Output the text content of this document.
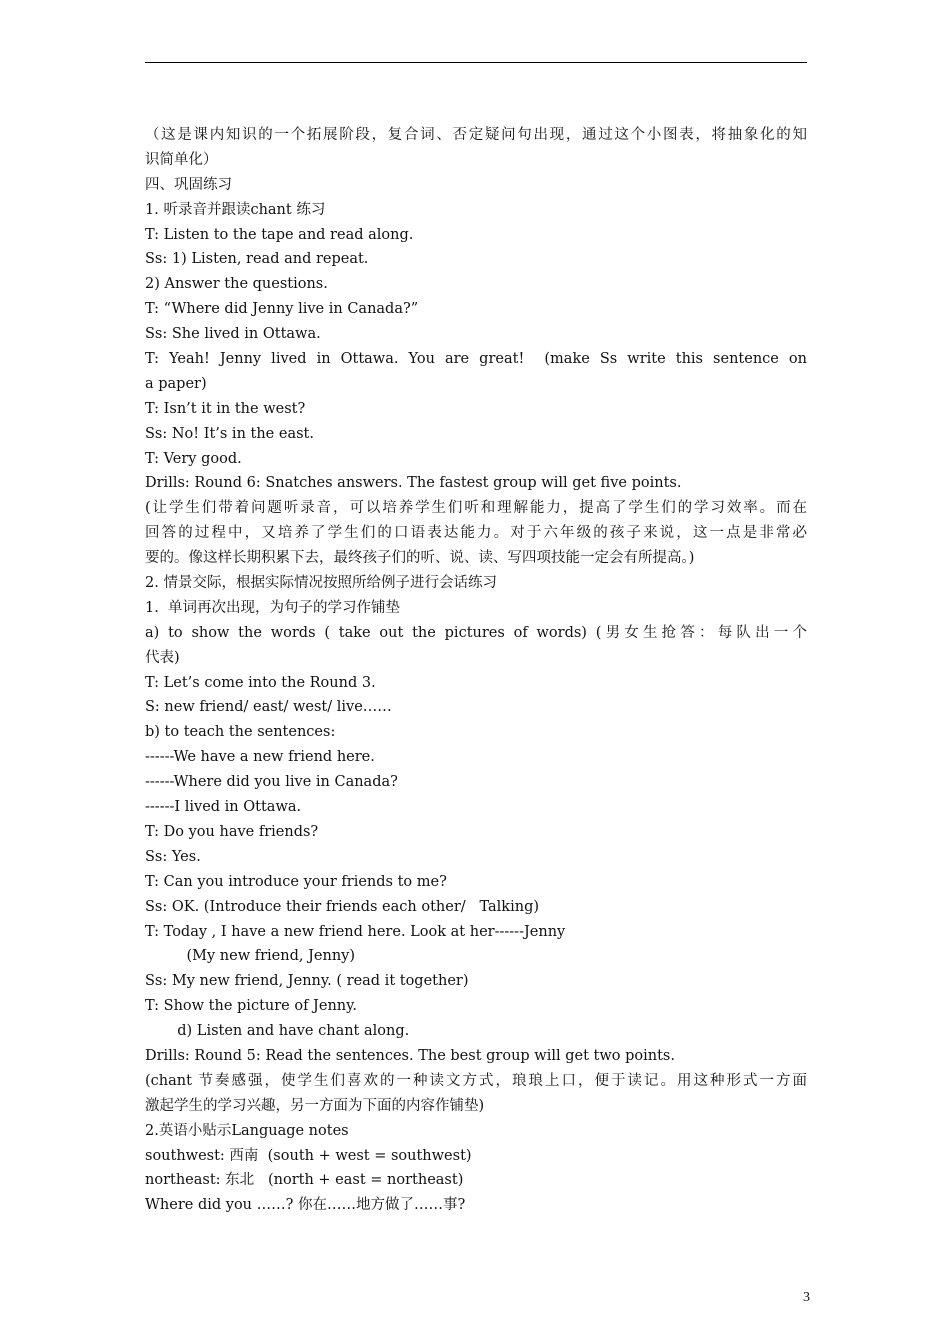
（这是课内知识的一个拓展阶段，复合词、否定疑问句出现，通过这个小图表，将抽象化的知
识简单化）
四、巩固练习
1. 听录音并跟读chant 练习
T: Listen to the tape and read along.
Ss: 1) Listen, read and repeat.
2) Answer the questions.
T: “Where did Jenny live in Canada?”
Ss: She lived in Ottawa.
T: Yeah! Jenny lived in Ottawa. You are great!  (make Ss write this sentence on
a paper)
T: Isn’t it in the west?
Ss: No! It’s in the east.
T: Very good.
Drills: Round 6: Snatches answers. The fastest group will get five points.
(让学生们带着问题听录音，可以培养学生们听和理解能力，提高了学生们的学习效率。而在
回答的过程中，又培养了学生们的口语表达能力。对于六年级的孩子来说，这一点是非常必
要的。像这样长期积累下去，最终孩子们的听、说、读、写四项技能一定会有所提高。)
2. 情景交际，根据实际情况按照所给例子进行会话练习
1.  单词再次出现，为句子的学习作铺垫
a) to show the words ( take out the pictures of words) (男女生抢答：每队出一个
代表)
T: Let’s come into the Round 3.
S: new friend/ east/ west/ live……
b) to teach the sentences:
------We have a new friend here.
------Where did you live in Canada?
------I lived in Ottawa.
T: Do you have friends?
Ss: Yes.
T: Can you introduce your friends to me?
Ss: OK. (Introduce their friends each other/   Talking)
T: Today , I have a new friend here. Look at her------Jenny
(My new friend, Jenny)
Ss: My new friend, Jenny. ( read it together)
T: Show the picture of Jenny.
d) Listen and have chant along.
Drills: Round 5: Read the sentences. The best group will get two points.
(chant 节奏感强，使学生们喜欢的一种读文方式，琅琅上口，便于读记。用这种形式一方面
激起学生的学习兴趣，另一方面为下面的内容作铺垫)
2.英语小贴示Language notes
southwest: 西南  (south + west = southwest)
northeast: 东北   (north + east = northeast)
Where did you ……? 你在……地方做了……事?
3
